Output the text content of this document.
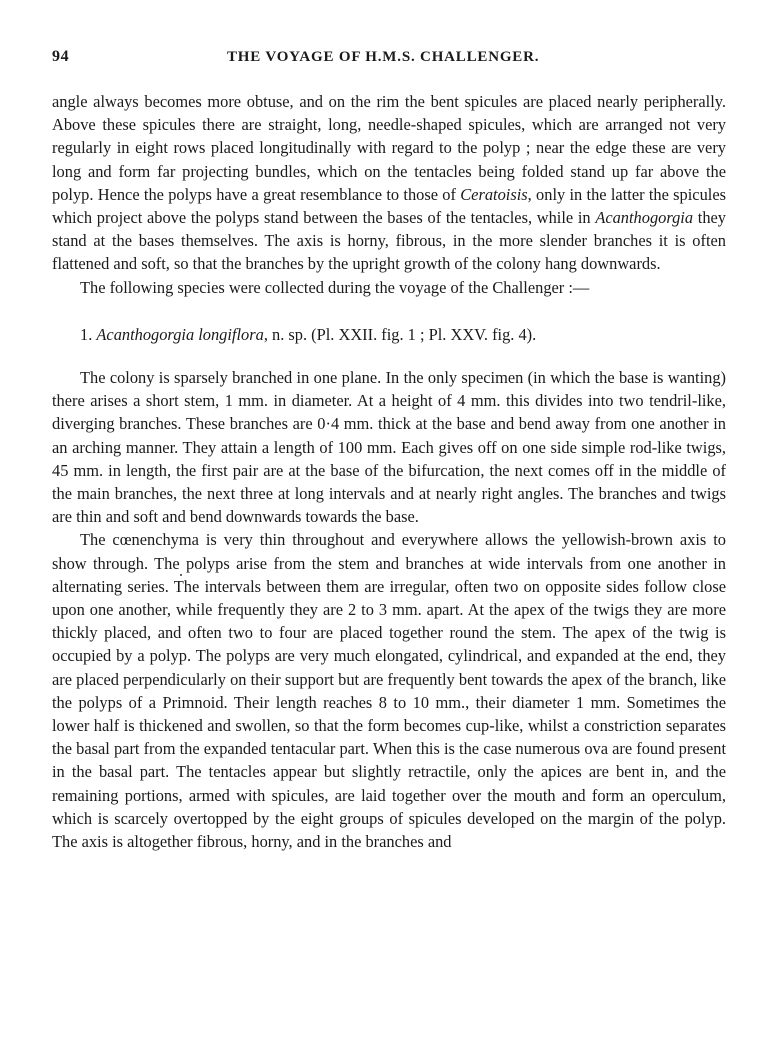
94	THE VOYAGE OF H.M.S. CHALLENGER.

angle always becomes more obtuse, and on the rim the bent spicules are placed nearly peripherally. Above these spicules there are straight, long, needle-shaped spicules, which are arranged not very regularly in eight rows placed longitudinally with regard to the polyp ; near the edge these are very long and form far projecting bundles, which on the tentacles being folded stand up far above the polyp. Hence the polyps have a great resemblance to those of Ceratoisis, only in the latter the spicules which project above the polyps stand between the bases of the tentacles, while in Acanthogorgia they stand at the bases themselves. The axis is horny, fibrous, in the more slender branches it is often flattened and soft, so that the branches by the upright growth of the colony hang downwards.

The following species were collected during the voyage of the Challenger :—

1. Acanthogorgia longiflora, n. sp. (Pl. XXII. fig. 1 ; Pl. XXV. fig. 4).

The colony is sparsely branched in one plane. In the only specimen (in which the base is wanting) there arises a short stem, 1 mm. in diameter. At a height of 4 mm. this divides into two tendril-like, diverging branches. These branches are 0·4 mm. thick at the base and bend away from one another in an arching manner. They attain a length of 100 mm. Each gives off on one side simple rod-like twigs, 45 mm. in length, the first pair are at the base of the bifurcation, the next comes off in the middle of the main branches, the next three at long intervals and at nearly right angles. The branches and twigs are thin and soft and bend downwards towards the base.

The cœnenchyma is very thin throughout and everywhere allows the yellowish-brown axis to show through. The polyps arise from the stem and branches at wide intervals from one another in alternating series. The intervals between them are irregular, often two on opposite sides follow close upon one another, while frequently they are 2 to 3 mm. apart. At the apex of the twigs they are more thickly placed, and often two to four are placed together round the stem. The apex of the twig is occupied by a polyp. The polyps are very much elongated, cylindrical, and expanded at the end, they are placed perpendicularly on their support but are frequently bent towards the apex of the branch, like the polyps of a Primnoid. Their length reaches 8 to 10 mm., their diameter 1 mm. Sometimes the lower half is thickened and swollen, so that the form becomes cup-like, whilst a constriction separates the basal part from the expanded tentacular part. When this is the case numerous ova are found present in the basal part. The tentacles appear but slightly retractile, only the apices are bent in, and the remaining portions, armed with spicules, are laid together over the mouth and form an operculum, which is scarcely overtopped by the eight groups of spicules developed on the margin of the polyp. The axis is altogether fibrous, horny, and in the branches and
